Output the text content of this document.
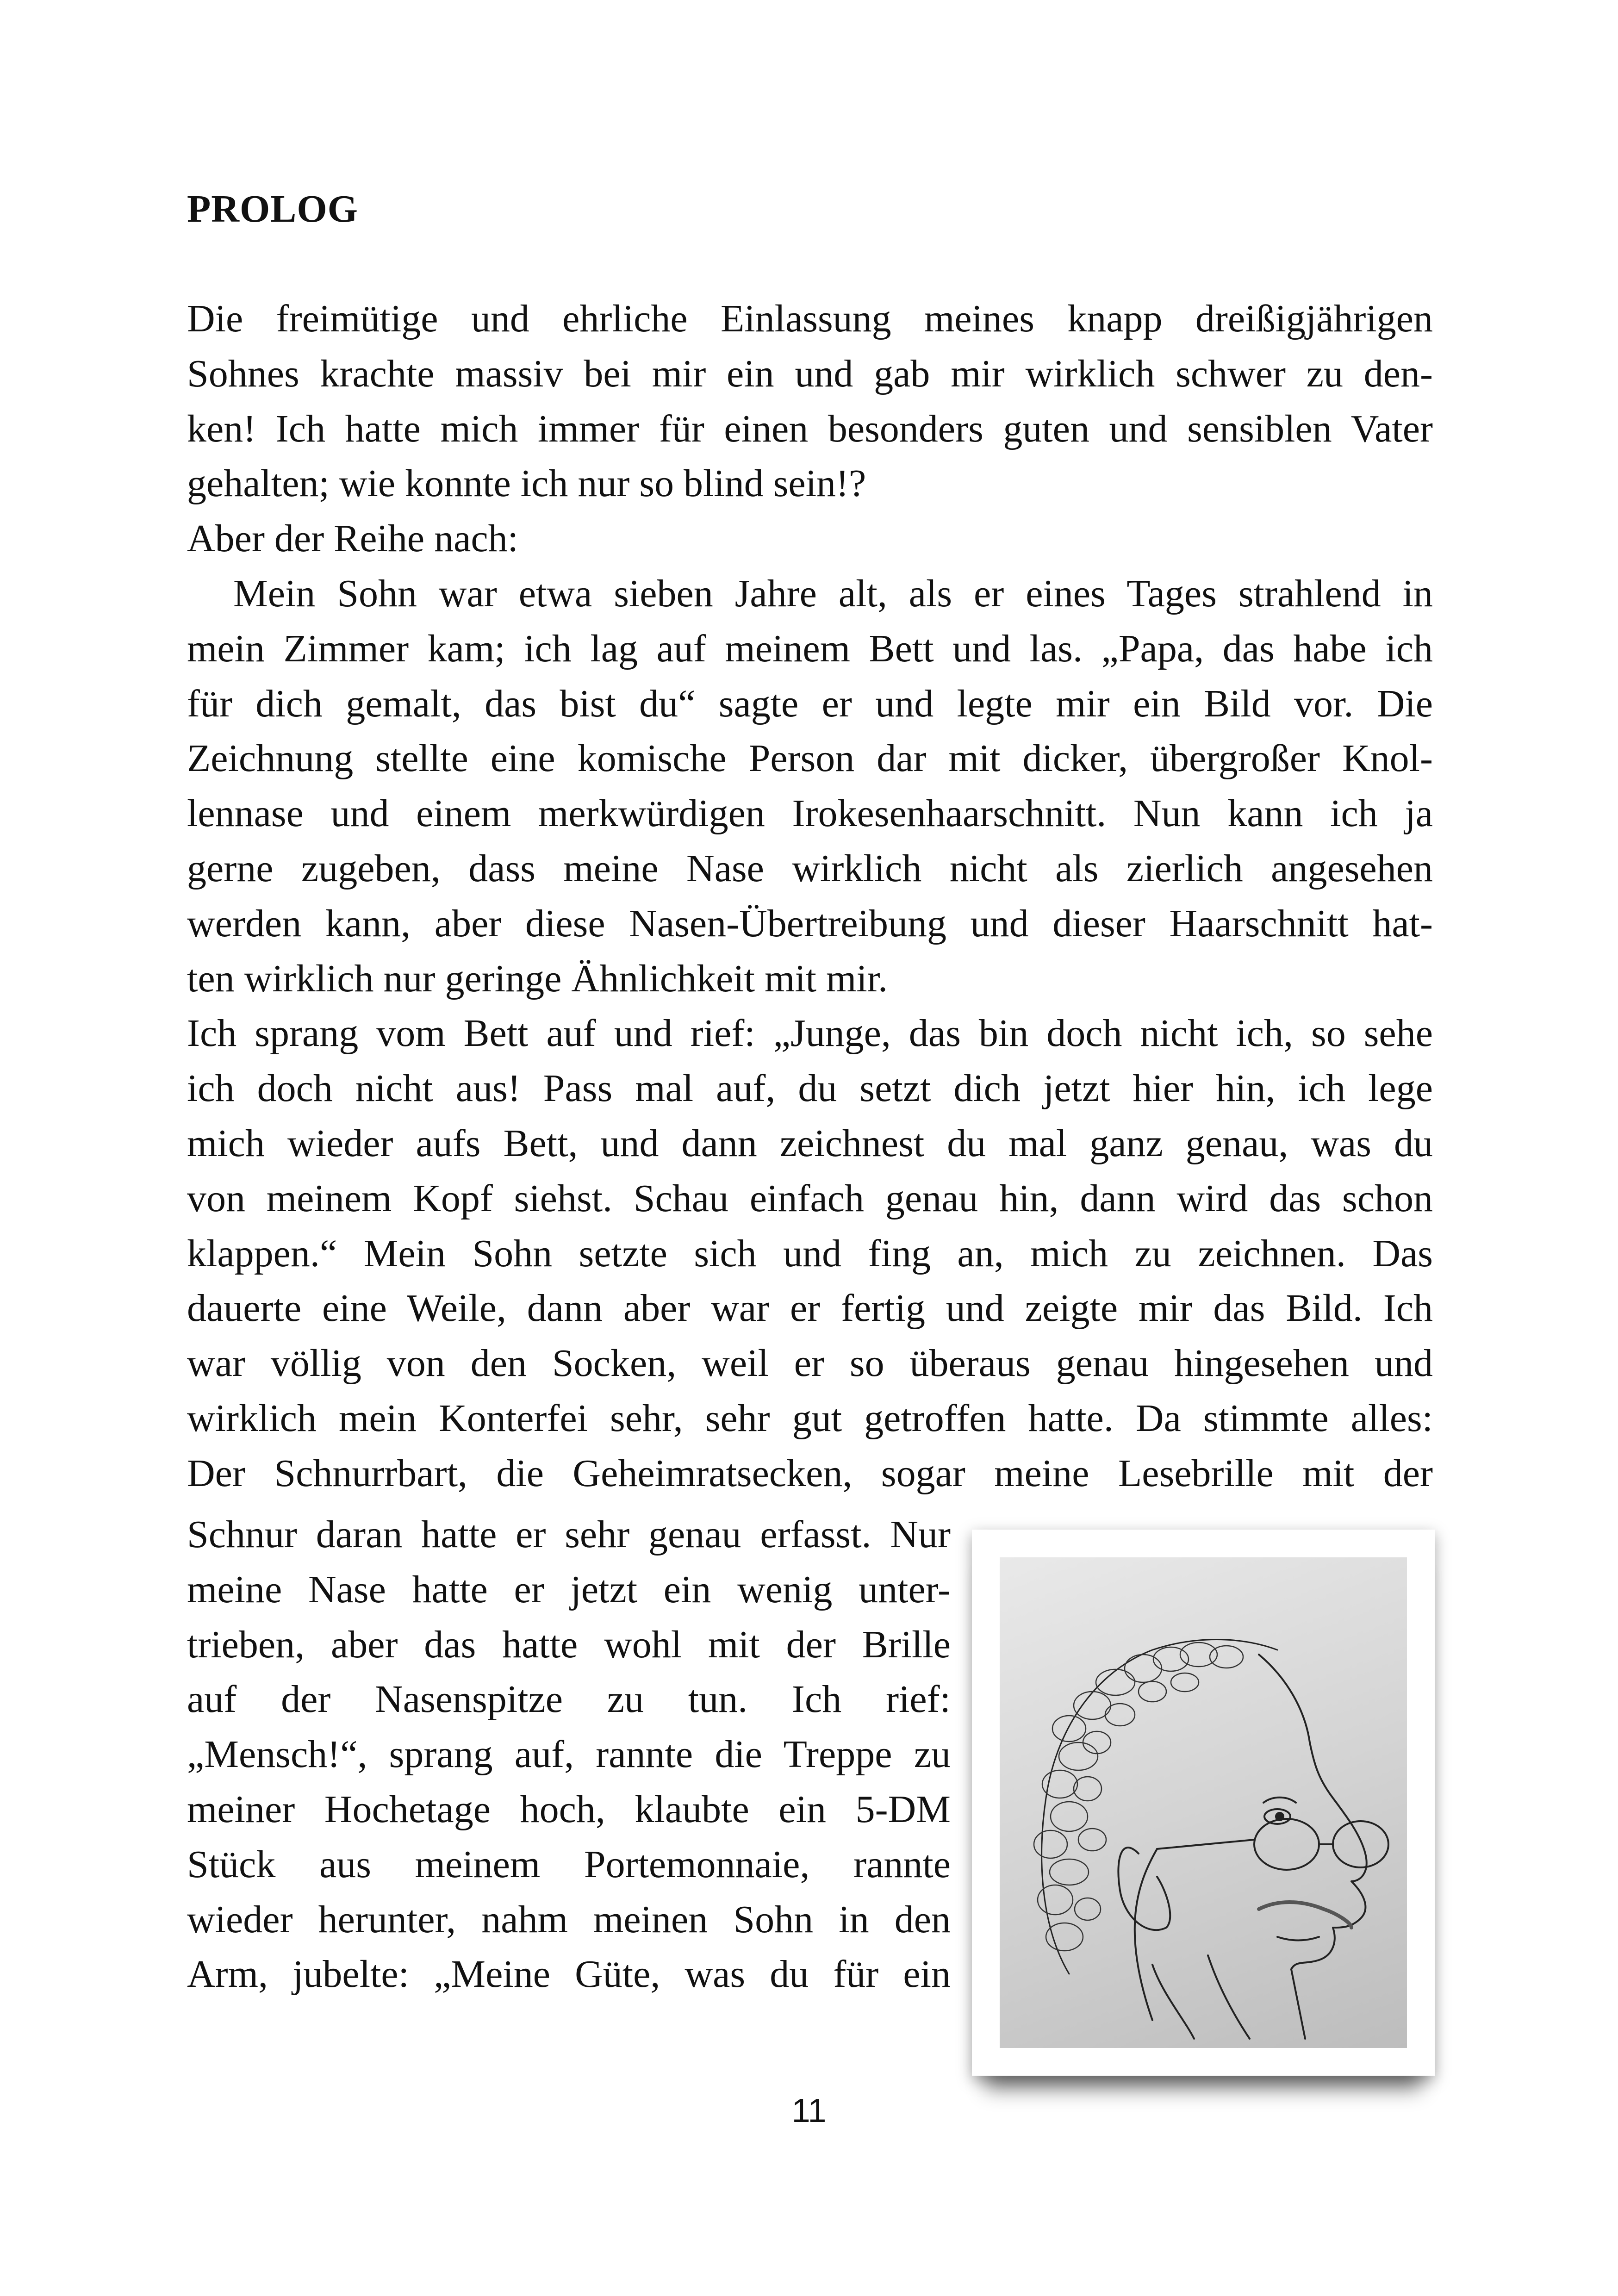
PROLOG
Die freimütige und ehrliche Einlassung meines knapp dreißigjährigen
Sohnes krachte massiv bei mir ein und gab mir wirklich schwer zu den-
ken! Ich hatte mich immer für einen besonders guten und sensiblen Vater
gehalten; wie konnte ich nur so blind sein!?
Aber der Reihe nach:
Mein Sohn war etwa sieben Jahre alt, als er eines Tages strahlend in
mein Zimmer kam; ich lag auf meinem Bett und las. „Papa, das habe ich
für dich gemalt, das bist du“ sagte er und legte mir ein Bild vor. Die
Zeichnung stellte eine komische Person dar mit dicker, übergroßer Knol-
lennase und einem merkwürdigen Irokesenhaarschnitt. Nun kann ich ja
gerne zugeben, dass meine Nase wirklich nicht als zierlich angesehen
werden kann, aber diese Nasen-Übertreibung und dieser Haarschnitt hat-
ten wirklich nur geringe Ähnlichkeit mit mir.
Ich sprang vom Bett auf und rief: „Junge, das bin doch nicht ich, so sehe
ich doch nicht aus! Pass mal auf, du setzt dich jetzt hier hin, ich lege
mich wieder aufs Bett, und dann zeichnest du mal ganz genau, was du
von meinem Kopf siehst. Schau einfach genau hin, dann wird das schon
klappen.“ Mein Sohn setzte sich und fing an, mich zu zeichnen. Das
dauerte eine Weile, dann aber war er fertig und zeigte mir das Bild. Ich
war völlig von den Socken, weil er so überaus genau hingesehen und
wirklich mein Konterfei sehr, sehr gut getroffen hatte. Da stimmte alles:
Der Schnurrbart, die Geheimratsecken, sogar meine Lesebrille mit der
Schnur daran hatte er sehr genau erfasst. Nur
meine Nase hatte er jetzt ein wenig unter-
trieben, aber das hatte wohl mit der Brille
auf der Nasenspitze zu tun. Ich rief:
„Mensch!“, sprang auf, rannte die Treppe zu
meiner Hochetage hoch, klaubte ein 5-DM
Stück aus meinem Portemonnaie, rannte
wieder herunter, nahm meinen Sohn in den
Arm, jubelte: „Meine Güte, was du für ein

11
